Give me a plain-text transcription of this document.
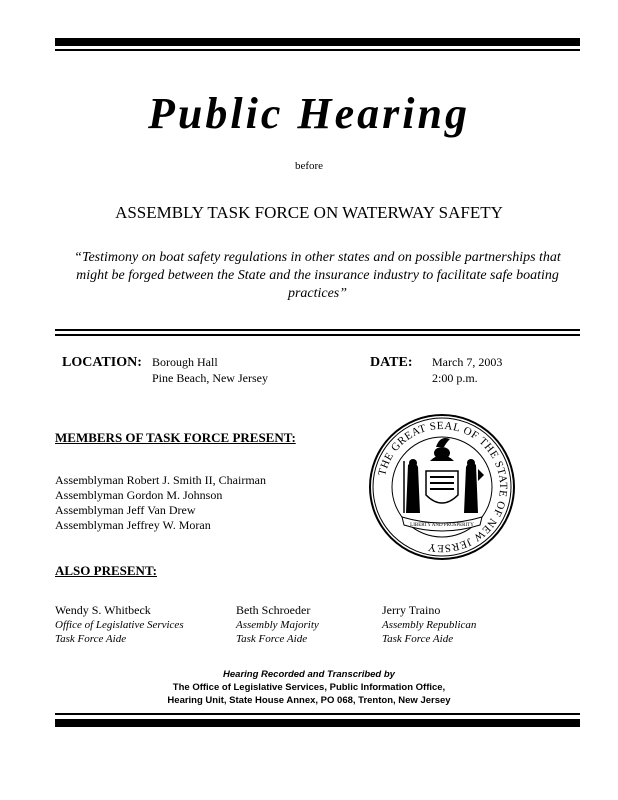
Public Hearing
before
ASSEMBLY TASK FORCE ON WATERWAY SAFETY
“Testimony on boat safety regulations in other states and on possible partnerships that might be forged between the State and the insurance industry to facilitate safe boating practices”
LOCATION: Borough Hall
Pine Beach, New Jersey
DATE: March 7, 2003
2:00 p.m.
MEMBERS OF TASK FORCE PRESENT:
Assemblyman Robert J. Smith II, Chairman
Assemblyman Gordon M. Johnson
Assemblyman Jeff Van Drew
Assemblyman Jeffrey W. Moran
THE GREAT SEAL OF THE STATE OF NEW JERSEY
LIBERTY AND PROSPERITY
ALSO PRESENT:
Wendy S. Whitbeck
Office of Legislative Services
Task Force Aide
Beth Schroeder
Assembly Majority
Task Force Aide
Jerry Traino
Assembly Republican
Task Force Aide
Hearing Recorded and Transcribed by
The Office of Legislative Services, Public Information Office,
Hearing Unit, State House Annex, PO 068, Trenton, New Jersey
